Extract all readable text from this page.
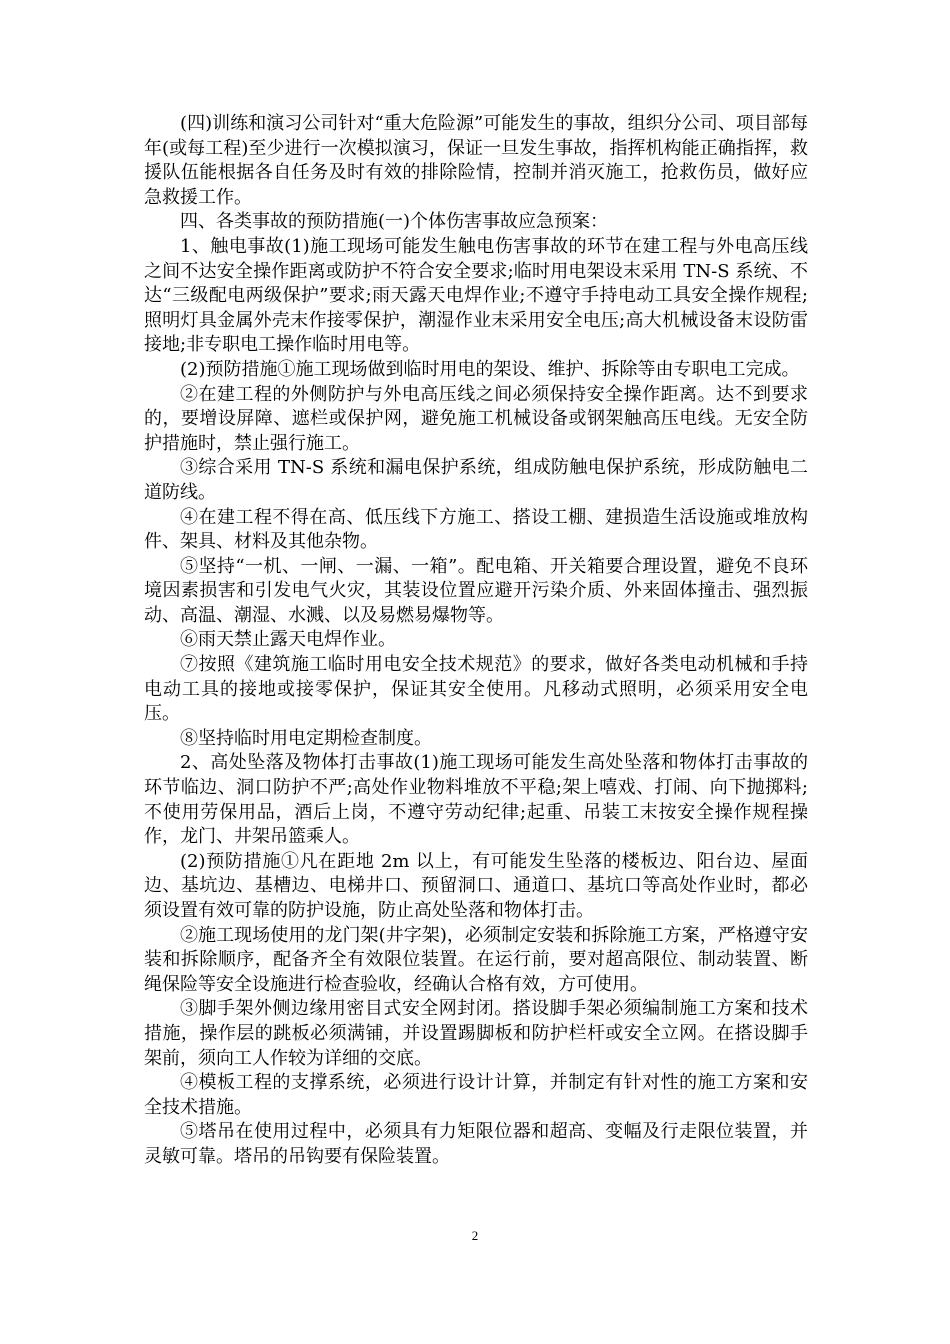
(四)训练和演习公司针对“重大危险源”可能发生的事故，组织分公司、项目部每年(或每工程)至少进行一次模拟演习，保证一旦发生事故，指挥机构能正确指挥，救援队伍能根据各自任务及时有效的排除险情，控制并消灭施工，抢救伤员，做好应急救援工作。

四、各类事故的预防措施(一)个体伤害事故应急预案：

1、触电事故(1)施工现场可能发生触电伤害事故的环节在建工程与外电高压线之间不达安全操作距离或防护不符合安全要求;临时用电架设末采用 TN-S 系统、不达“三级配电两级保护”要求;雨天露天电焊作业;不遵守手持电动工具安全操作规程;照明灯具金属外壳末作接零保护，潮湿作业末采用安全电压;高大机械设备末设防雷接地;非专职电工操作临时用电等。

(2)预防措施①施工现场做到临时用电的架设、维护、拆除等由专职电工完成。

②在建工程的外侧防护与外电高压线之间必须保持安全操作距离。达不到要求的，要增设屏障、遮栏或保护网，避免施工机械设备或钢架触高压电线。无安全防护措施时，禁止强行施工。

③综合采用 TN-S 系统和漏电保护系统，组成防触电保护系统，形成防触电二道防线。

④在建工程不得在高、低压线下方施工、搭设工棚、建损造生活设施或堆放构件、架具、材料及其他杂物。

⑤坚持“一机、一闸、一漏、一箱”。配电箱、开关箱要合理设置，避免不良环境因素损害和引发电气火灾，其装设位置应避开污染介质、外来固体撞击、强烈振动、高温、潮湿、水溅、以及易燃易爆物等。

⑥雨天禁止露天电焊作业。

⑦按照《建筑施工临时用电安全技术规范》的要求，做好各类电动机械和手持电动工具的接地或接零保护，保证其安全使用。凡移动式照明，必须采用安全电压。

⑧坚持临时用电定期检查制度。

2、高处坠落及物体打击事故(1)施工现场可能发生高处坠落和物体打击事故的环节临边、洞口防护不严;高处作业物料堆放不平稳;架上嘻戏、打闹、向下抛掷料;不使用劳保用品，酒后上岗，不遵守劳动纪律;起重、吊装工末按安全操作规程操作，龙门、井架吊篮乘人。

(2)预防措施①凡在距地 2m 以上，有可能发生坠落的楼板边、阳台边、屋面边、基坑边、基槽边、电梯井口、预留洞口、通道口、基坑口等高处作业时，都必须设置有效可靠的防护设施，防止高处坠落和物体打击。

②施工现场使用的龙门架(井字架)，必须制定安装和拆除施工方案，严格遵守安装和拆除顺序，配备齐全有效限位装置。在运行前，要对超高限位、制动装置、断绳保险等安全设施进行检查验收，经确认合格有效，方可使用。

③脚手架外侧边缘用密目式安全网封闭。搭设脚手架必须编制施工方案和技术措施，操作层的跳板必须满铺，并设置踢脚板和防护栏杆或安全立网。在搭设脚手架前，须向工人作较为详细的交底。

④模板工程的支撑系统，必须进行设计计算，并制定有针对性的施工方案和安全技术措施。

⑤塔吊在使用过程中，必须具有力矩限位器和超高、变幅及行走限位装置，并灵敏可靠。塔吊的吊钩要有保险装置。

2
